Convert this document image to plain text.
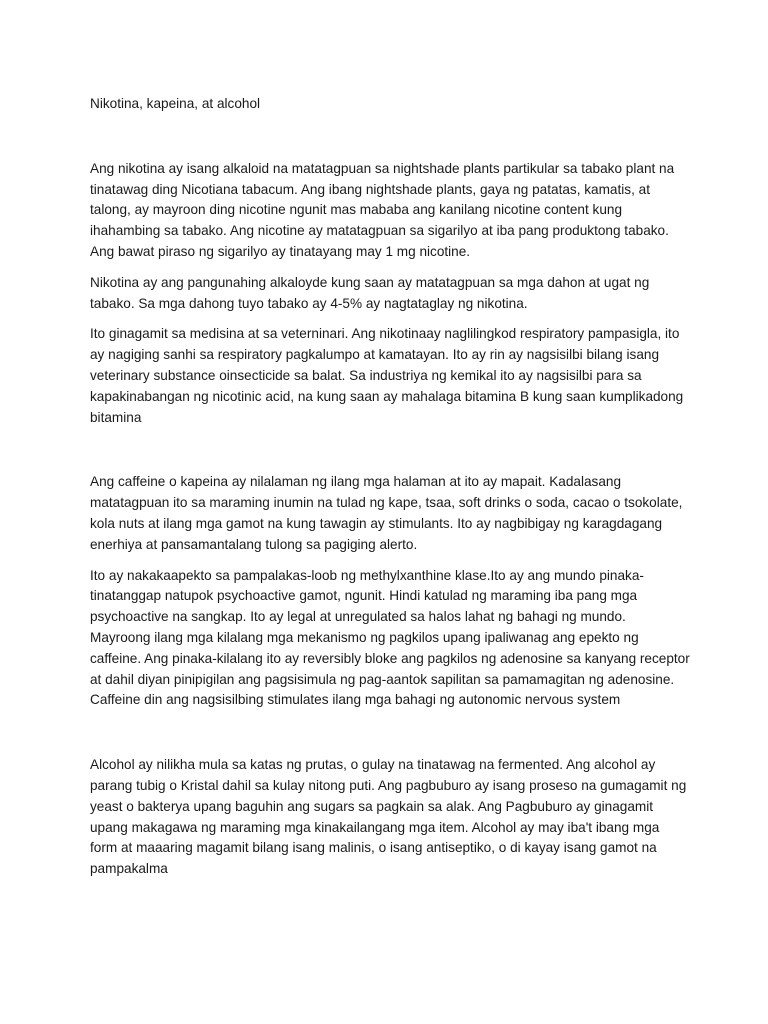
Nikotina, kapeina, at alcohol

Ang nikotina ay isang alkaloid na matatagpuan sa nightshade plants partikular sa tabako plant na tinatawag ding Nicotiana tabacum. Ang ibang nightshade plants, gaya ng patatas, kamatis, at talong, ay mayroon ding nicotine ngunit mas mababa ang kanilang nicotine content kung ihahambing sa tabako. Ang nicotine ay matatagpuan sa sigarilyo at iba pang produktong tabako. Ang bawat piraso ng sigarilyo ay tinatayang may 1 mg nicotine.

Nikotina ay ang pangunahing alkaloyde kung saan ay matatagpuan sa mga dahon at ugat ng tabako. Sa mga dahong tuyo tabako ay 4-5% ay nagtataglay ng nikotina.

Ito ginagamit sa medisina at sa veterninari. Ang nikotinaay naglilingkod respiratory pampasigla, ito ay nagiging sanhi sa respiratory pagkalumpo at kamatayan. Ito ay rin ay nagsisilbi bilang isang veterinary substance oinsecticide sa balat. Sa industriya ng kemikal ito ay nagsisilbi para sa kapakinabangan ng nicotinic acid, na kung saan ay mahalaga bitamina B kung saan kumplikadong bitamina

Ang caffeine o kapeina ay nilalaman ng ilang mga halaman at ito ay mapait. Kadalasang matatagpuan ito sa maraming inumin na tulad ng kape, tsaa, soft drinks o soda, cacao o tsokolate, kola nuts at ilang mga gamot na kung tawagin ay stimulants. Ito ay nagbibigay ng karagdagang enerhiya at pansamantalang tulong sa pagiging alerto.

Ito ay nakakaapekto sa pampalakas-loob ng methylxanthine klase.Ito ay ang mundo pinaka-tinatanggap natupok psychoactive gamot, ngunit. Hindi katulad ng maraming iba pang mga psychoactive na sangkap. Ito ay legal at unregulated sa halos lahat ng bahagi ng mundo. Mayroong ilang mga kilalang mga mekanismo ng pagkilos upang ipaliwanag ang epekto ng caffeine. Ang pinaka-kilalang ito ay reversibly bloke ang pagkilos ng adenosine sa kanyang receptor at dahil diyan pinipigilan ang pagsisimula ng pag-aantok sapilitan sa pamamagitan ng adenosine. Caffeine din ang nagsisilbing stimulates ilang mga bahagi ng autonomic nervous system

Alcohol ay nilikha mula sa katas ng prutas, o gulay na tinatawag na fermented. Ang alcohol ay parang tubig o Kristal dahil sa kulay nitong puti. Ang pagbuburo ay isang proseso na gumagamit ng yeast o bakterya upang baguhin ang sugars sa pagkain sa alak. Ang Pagbuburo ay ginagamit upang makagawa ng maraming mga kinakailangang mga item. Alcohol ay may iba't ibang mga form at maaaring magamit bilang isang malinis, o isang antiseptiko, o di kayay isang gamot na pampakalma
